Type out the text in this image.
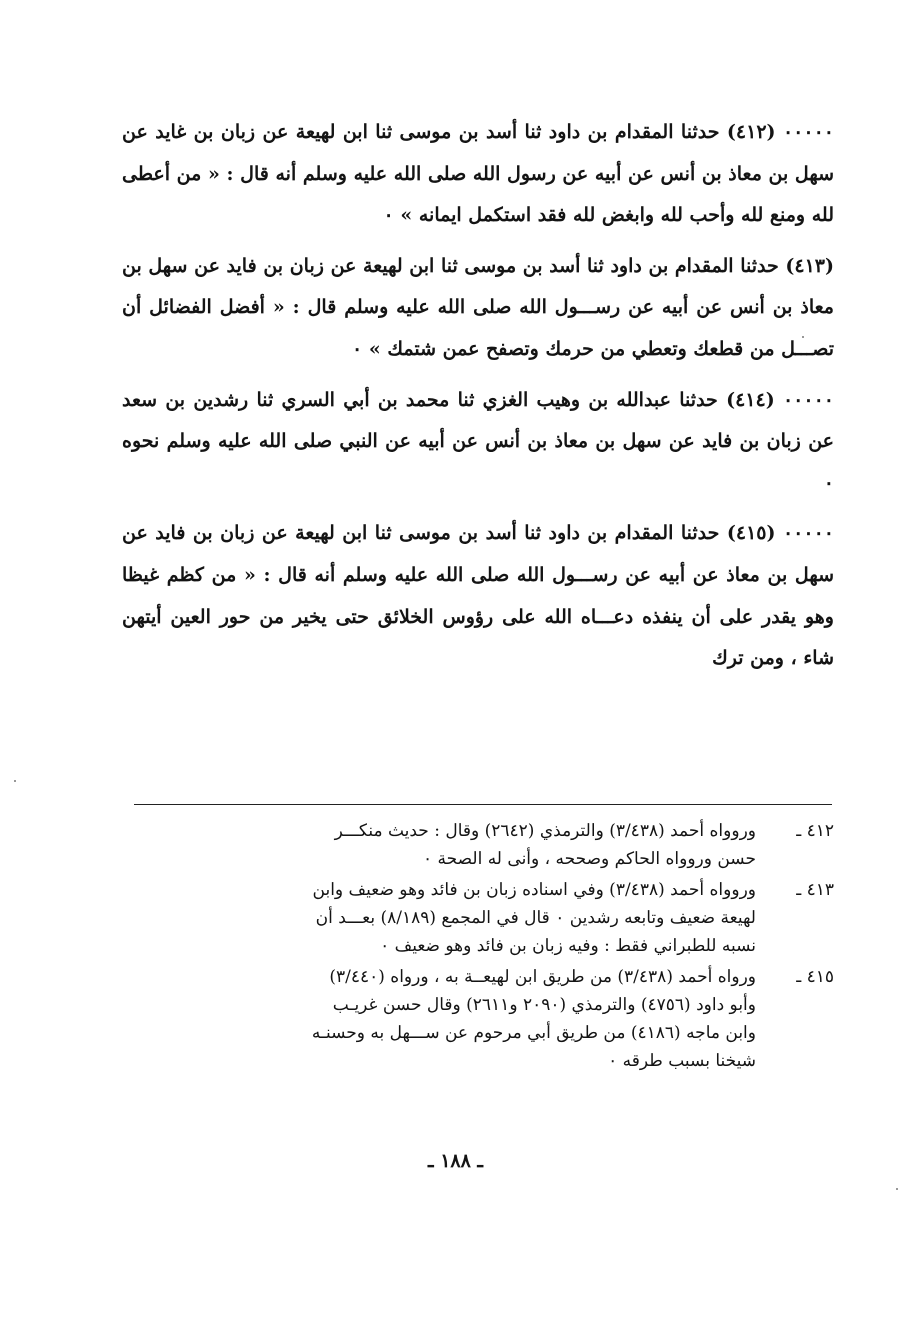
٠٠٠٠٠ (٤١٢) حدثنا المقدام بن داود ثنا أسد بن موسى ثنا ابن لهيعة عن زبان بن غايد عن سهل بن معاذ بن أنس عن أبيه عن رسول الله صلى الله عليه وسلم أنه قال : « من أعطى لله ومنع لله وأحب لله وابغض لله فقد استكمل ايمانه » ٠

(٤١٣) حدثنا المقدام بن داود ثنا أسد بن موسى ثنا ابن لهيعة عن زبان بن فايد عن سهل بن معاذ بن أنس عن أبيه عن رســـول الله صلى الله عليه وسلم قال : « أفضل الفضائل أن تصـــل من قطعك وتعطي من حرمك وتصفح عمن شتمك » ٠

٠٠٠٠٠ (٤١٤) حدثنا عبدالله بن وهيب الغزي ثنا محمد بن أبي السري ثنا رشدين بن سعد عن زبان بن فايد عن سهل بن معاذ بن أنس عن أبيه عن النبي صلى الله عليه وسلم نحوه ٠

٠٠٠٠٠ (٤١٥) حدثنا المقدام بن داود ثنا أسد بن موسى ثنا ابن لهيعة عن زبان بن فايد عن سهل بن معاذ عن أبيه عن رســـول الله صلى الله عليه وسلم أنه قال : « من كظم غيظا وهو يقدر على أن ينفذه دعـــاه الله على رؤوس الخلائق حتى يخير من حور العين أيتهن شاء ، ومن ترك

٤١٢ ـ
وروواه أحمد (٣/٤٣٨) والترمذي (٢٦٤٢) وقال : حديث منكـــر
حسن وروواه الحاكم وصححه ، وأنى له الصحة ٠
٤١٣ ـ
وروواه أحمد (٣/٤٣٨) وفي اسناده زبان بن فائد وهو ضعيف وابن
لهيعة ضعيف وتابعه رشدين ٠ قال في المجمع (٨/١٨٩) بعـــد أن
نسبه للطبراني فقط : وفيه زبان بن فائد وهو ضعيف ٠
٤١٥ ـ
ورواه أحمد (٣/٤٣٨) من طريق ابن لهيعــة به ، ورواه (٣/٤٤٠)
وأبو داود (٤٧٥٦) والترمذي (٢٠٩٠ و٢٦١١) وقال حسن غريـب
وابن ماجه (٤١٨٦) من طريق أبي مرحوم عن ســـهل به وحسنـه
شيخنا بسبب طرقه ٠
ـ ١٨٨ ـ
